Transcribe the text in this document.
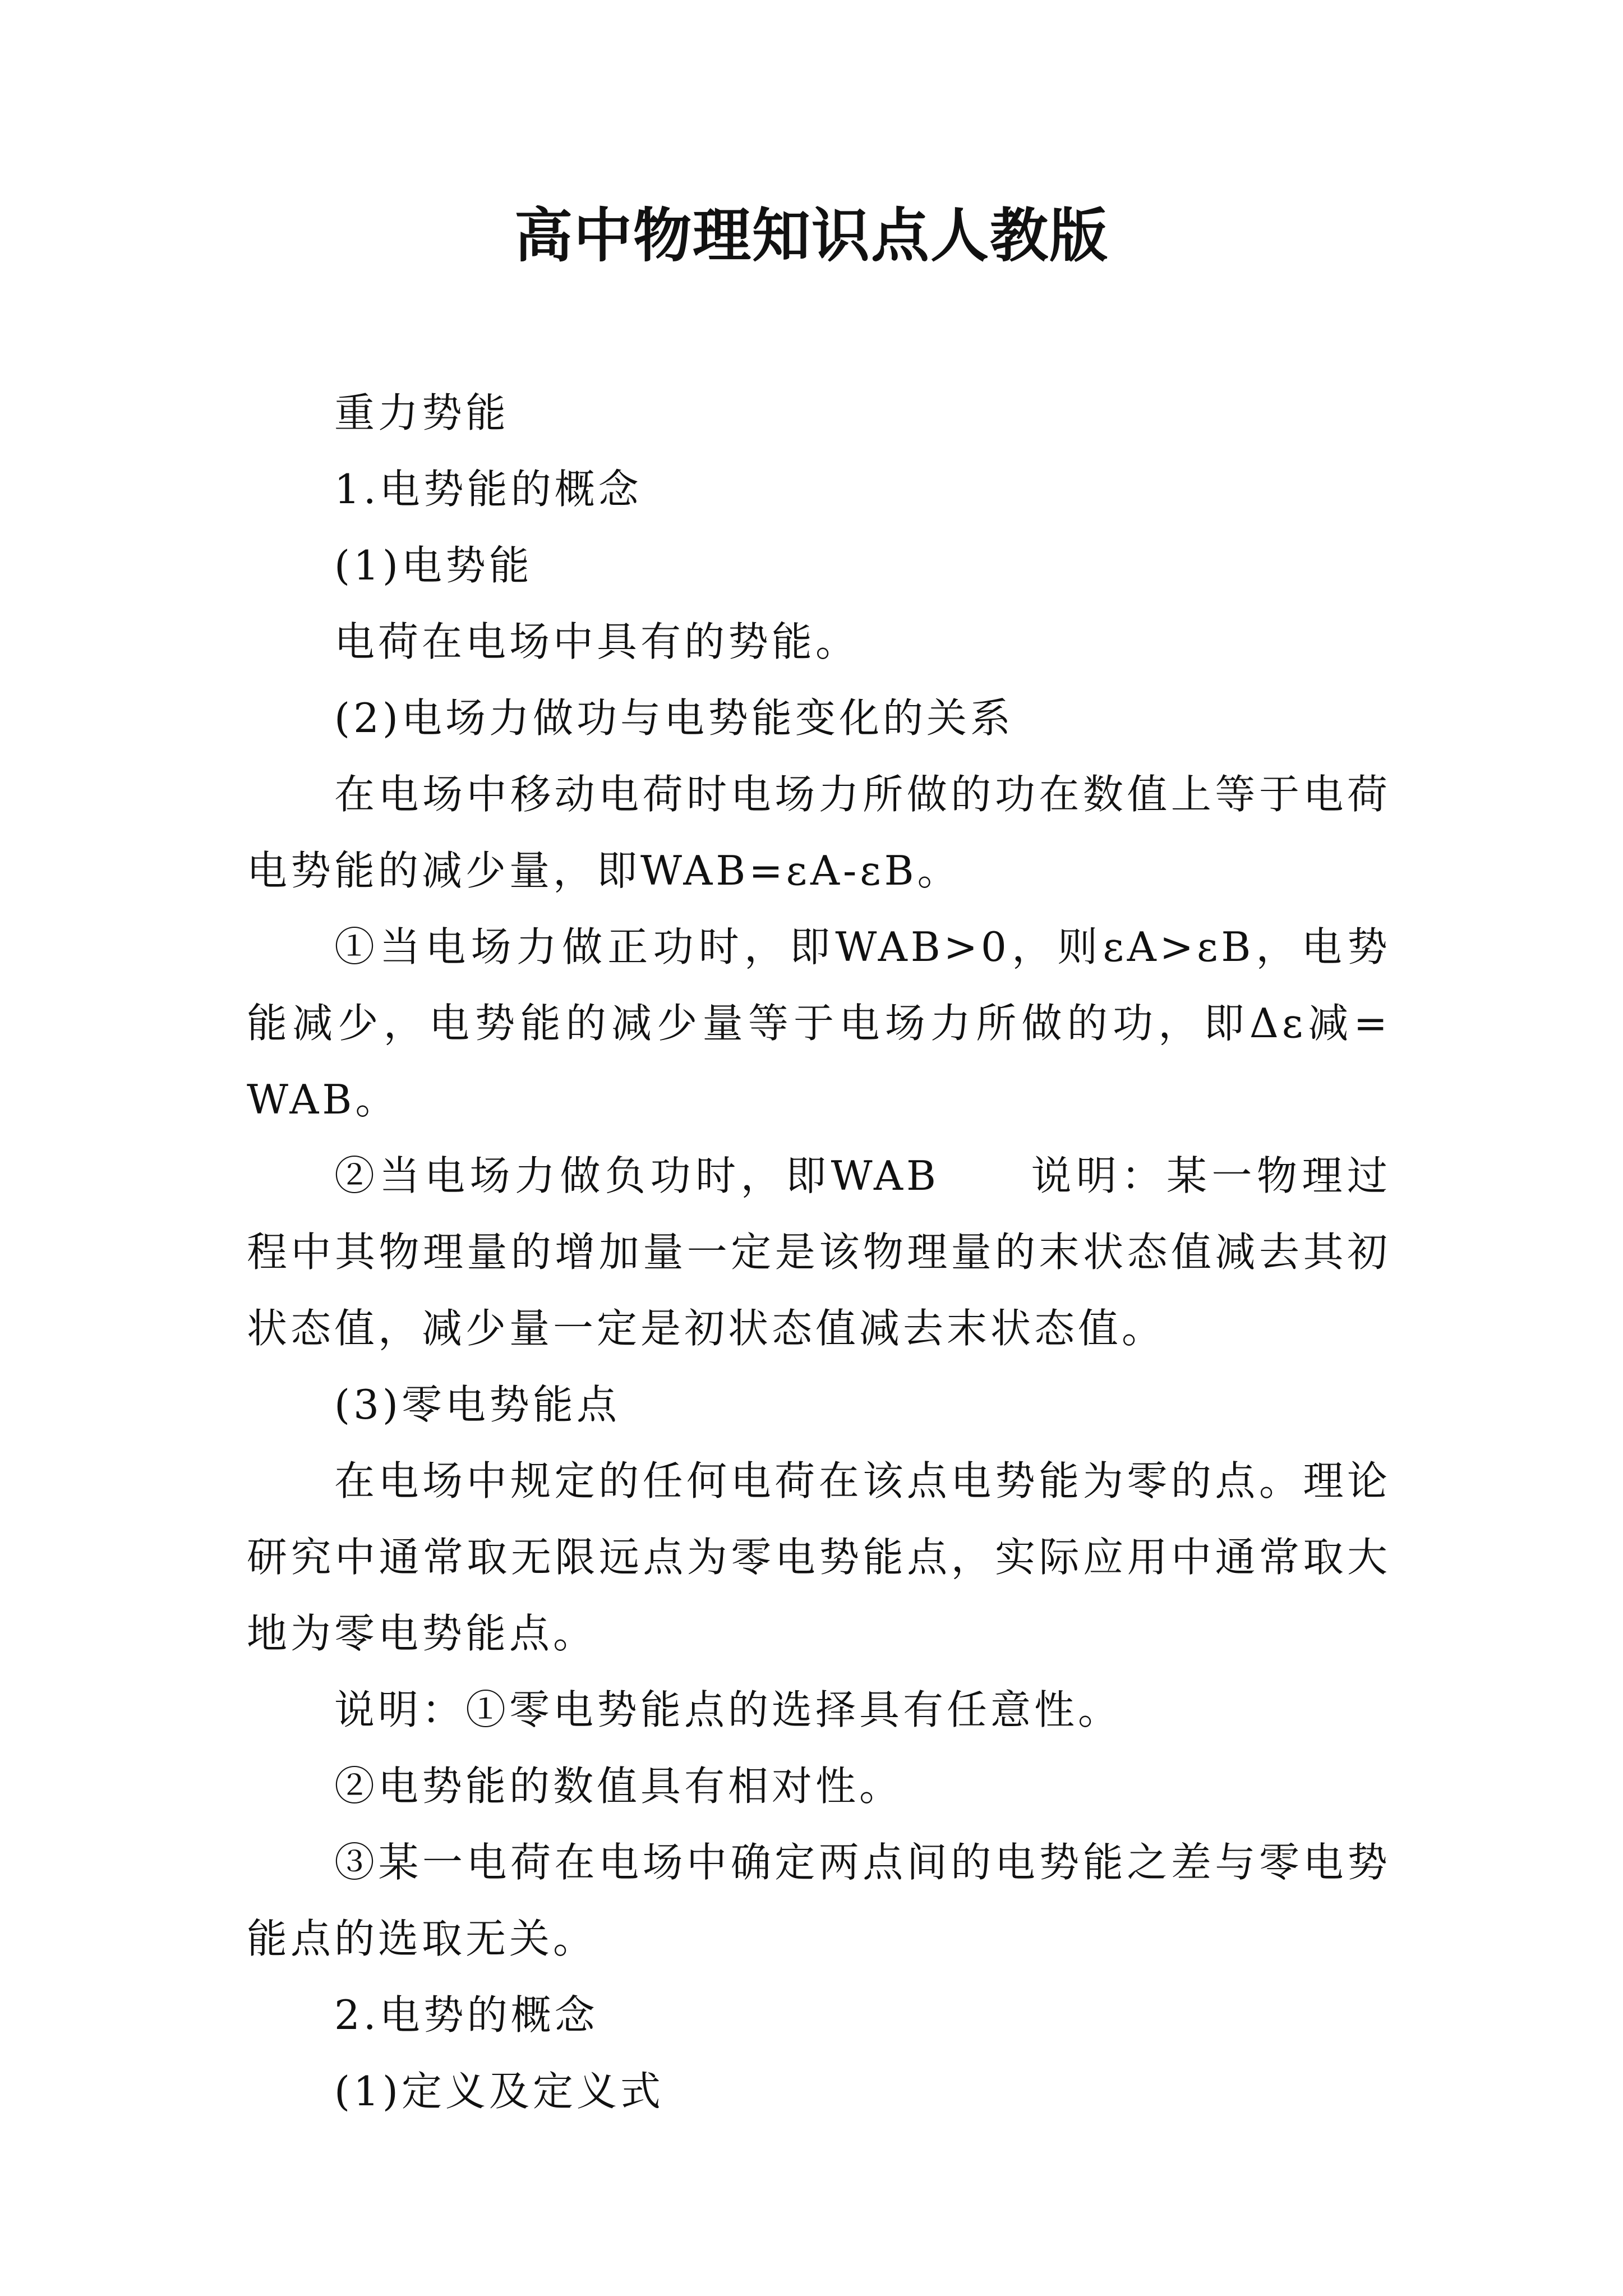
高中物理知识点人教版

重力势能

1.电势能的概念

(1)电势能

电荷在电场中具有的势能。

(2)电场力做功与电势能变化的关系

在电场中移动电荷时电场力所做的功在数值上等于电荷电势能的减少量，即WAB=εA-εB。

①当电场力做正功时，即WAB>0，则εA>εB，电势能减少，电势能的减少量等于电场力所做的功，即Δε减=WAB。

②当电场力做负功时，即WAB　　说明：某一物理过程中其物理量的增加量一定是该物理量的末状态值减去其初状态值，减少量一定是初状态值减去末状态值。

(3)零电势能点

在电场中规定的任何电荷在该点电势能为零的点。理论研究中通常取无限远点为零电势能点，实际应用中通常取大地为零电势能点。

说明：①零电势能点的选择具有任意性。

②电势能的数值具有相对性。

③某一电荷在电场中确定两点间的电势能之差与零电势能点的选取无关。

2.电势的概念

(1)定义及定义式
